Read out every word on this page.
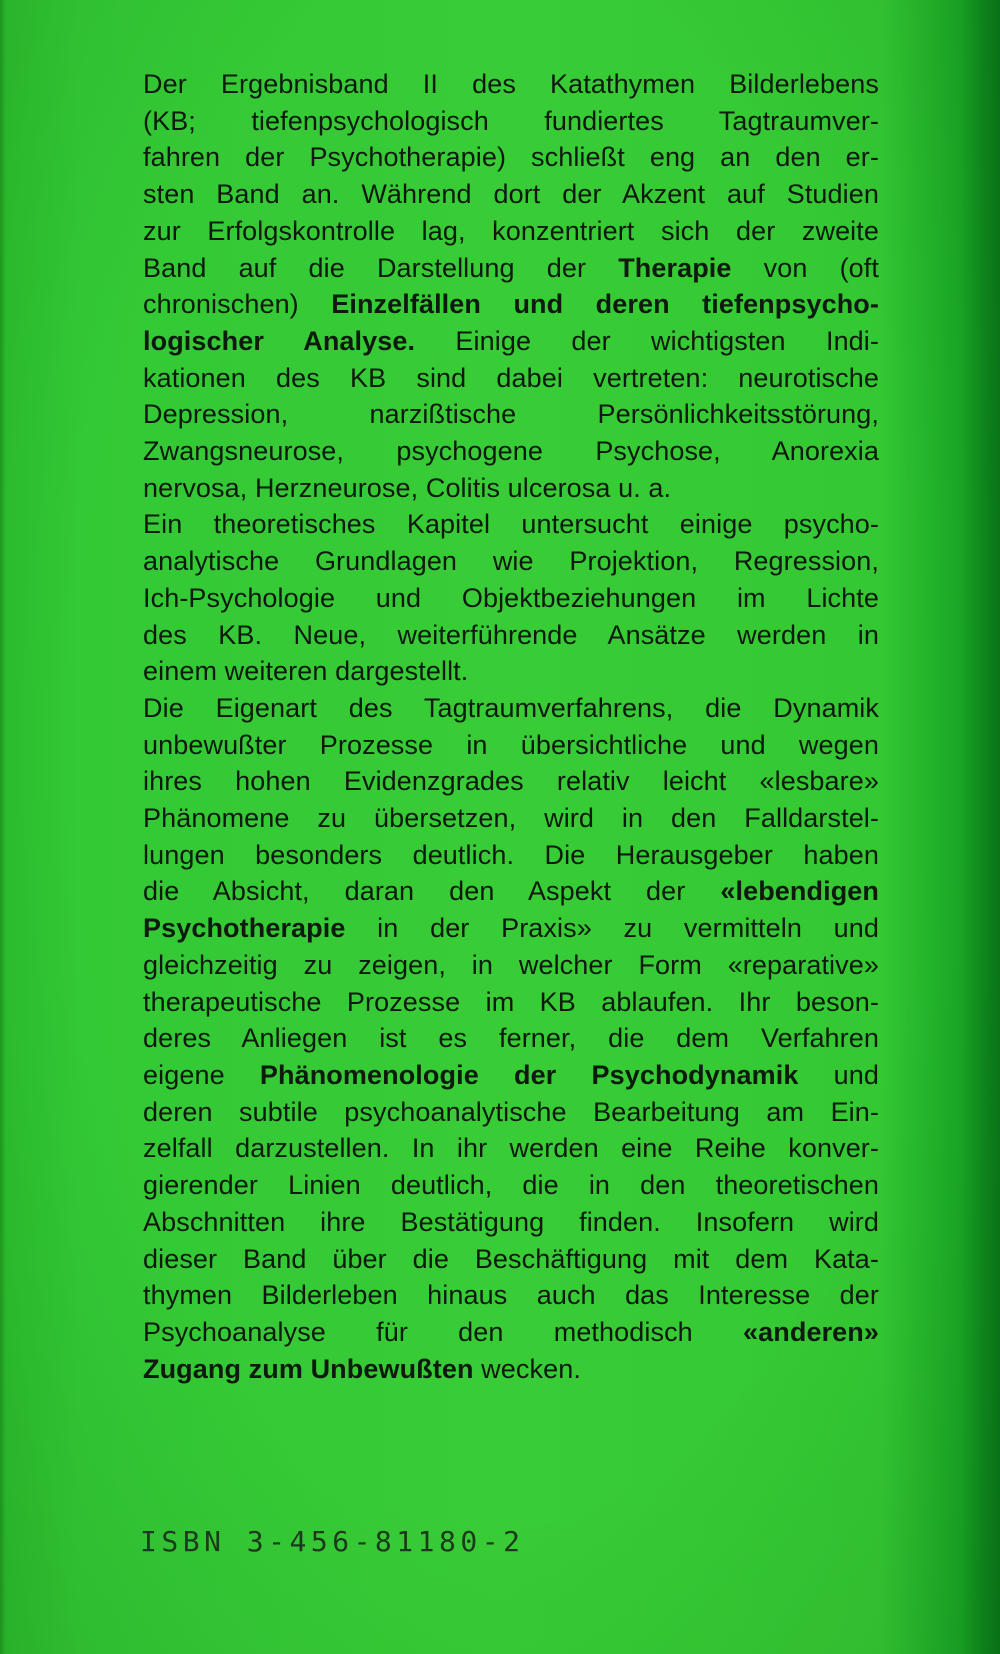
Der Ergebnisband II des Katathymen Bilderlebens
(KB; tiefenpsychologisch fundiertes Tagtraumver-
fahren der Psychotherapie) schließt eng an den er-
sten Band an. Während dort der Akzent auf Studien
zur Erfolgskontrolle lag, konzentriert sich der zweite
Band auf die Darstellung der Therapie von (oft
chronischen) Einzelfällen und deren tiefenpsycho-
logischer Analyse. Einige der wichtigsten Indi-
kationen des KB sind dabei vertreten: neurotische
Depression, narzißtische Persönlichkeitsstörung,
Zwangsneurose, psychogene Psychose, Anorexia
nervosa, Herzneurose, Colitis ulcerosa u. a.
Ein theoretisches Kapitel untersucht einige psycho-
analytische Grundlagen wie Projektion, Regression,
Ich-Psychologie und Objektbeziehungen im Lichte
des KB. Neue, weiterführende Ansätze werden in
einem weiteren dargestellt.
Die Eigenart des Tagtraumverfahrens, die Dynamik
unbewußter Prozesse in übersichtliche und wegen
ihres hohen Evidenzgrades relativ leicht «lesbare»
Phänomene zu übersetzen, wird in den Falldarstel-
lungen besonders deutlich. Die Herausgeber haben
die Absicht, daran den Aspekt der «lebendigen
Psychotherapie in der Praxis» zu vermitteln und
gleichzeitig zu zeigen, in welcher Form «reparative»
therapeutische Prozesse im KB ablaufen. Ihr beson-
deres Anliegen ist es ferner, die dem Verfahren
eigene Phänomenologie der Psychodynamik und
deren subtile psychoanalytische Bearbeitung am Ein-
zelfall darzustellen. In ihr werden eine Reihe konver-
gierender Linien deutlich, die in den theoretischen
Abschnitten ihre Bestätigung finden. Insofern wird
dieser Band über die Beschäftigung mit dem Kata-
thymen Bilderleben hinaus auch das Interesse der
Psychoanalyse für den methodisch «anderen»
Zugang zum Unbewußten wecken.
ISBN 3-456-81180-2
